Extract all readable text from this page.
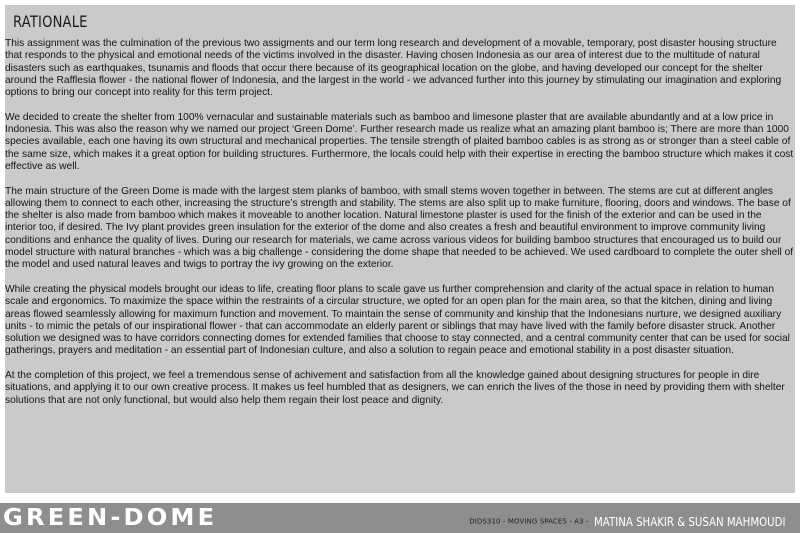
RATIONALE

This assignment was the culmination of the previous two assigments and our term long research and development of a movable, temporary, post disaster housing structure that responds to the physical and emotional needs of the victims involved in the disaster. Having chosen Indonesia as our area of interest due to the multitude of natural disasters such as earthquakes, tsunamis and floods that occur there because of its geographical location on the globe, and having developed our concept for the shelter around the Rafflesia flower - the national flower of Indonesia, and the largest in the world - we advanced further into this journey by stimulating our imagination and exploring options to bring our concept into reality for this term project.

We decided to create the shelter from 100% vernacular and sustainable materials such as bamboo and limesone plaster that are available abundantly and at a low price in Indonesia. This was also the reason why we named our project ‘Green Dome’. Further research made us realize what an amazing plant bamboo is; There are more than 1000 species available, each one having its own structural and mechanical properties. The tensile strength of plaited bamboo cables is as strong as or stronger than a steel cable of the same size, which makes it a great option for building structures. Furthermore, the locals could help with their expertise in erecting the bamboo structure which makes it cost effective as well.

The main structure of the Green Dome is made with the largest stem planks of bamboo, with small stems woven together in between. The stems are cut at different angles allowing them to connect to each other, increasing the structure’s strength and stability. The stems are also split up to make furniture, flooring, doors and windows. The base of the shelter is also made from bamboo which makes it moveable to another location. Natural limestone plaster is used for the finish of the exterior and can be used in the interior too, if desired. The Ivy plant provides green insulation for the exterior of the dome and also creates a fresh and beautiful environment to improve community living conditions and enhance the quality of lives. During our research for materials, we came across various videos for building bamboo structures that encouraged us to build our model structure with natural branches - which was a big challenge - considering the dome shape that needed to be achieved. We used cardboard to complete the outer shell of the model and used natural leaves and twigs to portray the ivy growing on the exterior.

While creating the physical models brought our ideas to life, creating floor plans to scale gave us further comprehension and clarity of the actual space in relation to human scale and ergonomics. To maximize the space within the restraints of a circular structure, we opted for an open plan for the main area, so that the kitchen, dining and living areas flowed seamlessly allowing for maximum function and movement. To maintain the sense of community and kinship that the Indonesians nurture, we designed auxiliary units - to mimic the petals of our inspirational flower - that can accommodate an elderly parent or siblings that may have lived with the family before disaster struck. Another solution we designed was to have corridors connecting domes for extended families that choose to stay connected, and a central community center that can be used for social gatherings, prayers and meditation - an essential part of Indonesian culture, and also a solution to regain peace and emotional stability in a post disaster situation.

At the completion of this project, we feel a tremendous sense of achivement and satisfaction from all the knowledge gained about designing structures for people in dire situations, and applying it to our own creative process. It makes us feel humbled that as designers, we can enrich the lives of the those in need by providing them with shelter solutions that are not only functional, but would also help them regain their lost peace and dignity.

GREEN-DOME	DIDS310 - MOVING SPACES - A3 - MATINA SHAKIR & SUSAN MAHMOUDI
